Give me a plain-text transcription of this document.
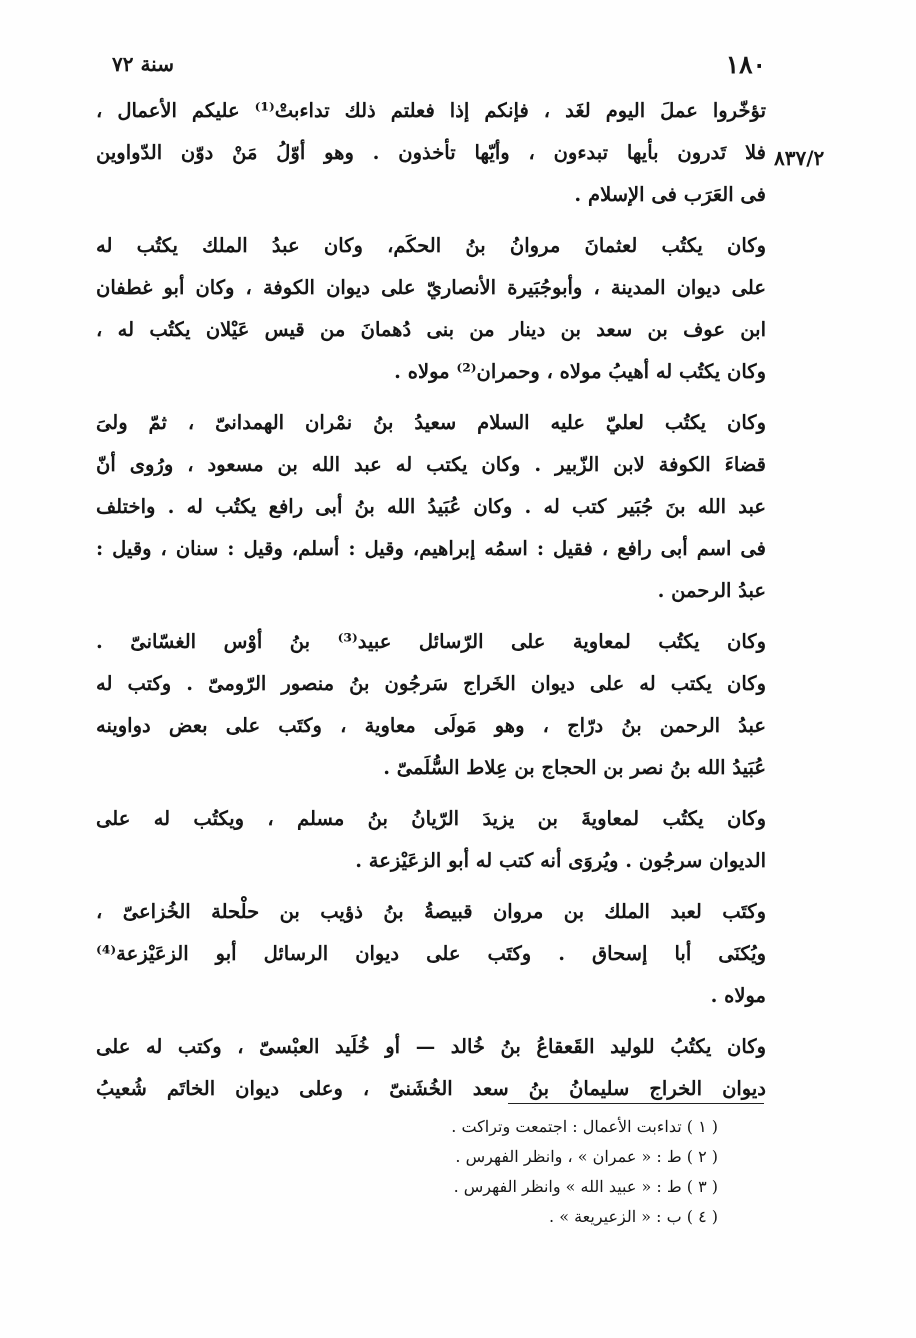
١٨٠
سنة ٧٢
٨٣٧/٢
تؤخّروا عملَ اليوم لغَد ، فإنكم إذا فعلتم ذلك تداءبتْ⁽¹⁾ عليكم الأعمال ،
فلا تَدرون بأيها تبدءون ، وأيّها تأخذون . وهو أوّلُ مَنْ دوّن الدّواوين
فى العَرَب فى الإسلام .
وكان يكتُب لعثمانَ مروانُ بنُ الحكَم، وكان عبدُ الملك يكتُب له
على ديوان المدينة ، وأبوجُبَيرة الأنصاريّ على ديوان الكوفة ، وكان أبو غطفان
ابن عوف بن سعد بن دينار من بنى دُهمانَ من قيس عَيْلان يكتُب له ،
وكان يكتُب له أهيبُ مولاه ، وحمران⁽²⁾ مولاه .
وكان يكتُب لعليّ عليه السلام سعيدُ بنُ نمْران الهمدانىّ ، ثمّ ولىَ
قضاءَ الكوفة لابن الزّبير . وكان يكتب له عبد الله بن مسعود ، ورُوى أنّ
عبد الله بنَ جُبَير كتب له . وكان عُبَيدُ الله بنُ أبى رافع يكتُب له . واختلف
فى اسم أبى رافع ، فقيل : اسمُه إبراهيم، وقيل : أسلم، وقيل : سنان ، وقيل :
عبدُ الرحمن .
وكان يكتُب لمعاوية على الرّسائل عبيد⁽³⁾ بنُ أوْس الغسّانىّ .
وكان يكتب له على ديوان الخَراج سَرجُون بنُ منصور الرّومىّ . وكتب له
عبدُ الرحمن بنُ درّاج ، وهو مَولَى معاوية ، وكتَب على بعض دواوينه
عُبَيدُ الله بنُ نصر بن الحجاج بن عِلاط السُّلَمىّ .
وكان يكتُب لمعاويةَ بن يزيدَ الرّيانُ بنُ مسلم ، ويكتُب له على
الديوان سرجُون . ويُروَى أنه كتب له أبو الزعَيْزعة .
وكتَب لعبد الملك بن مروان قبيصةُ بنُ ذؤيب بن حلْحلة الخُزاعىّ ،
ويُكنَى أبا إسحاق . وكتَب على ديوان الرسائل أبو الزعَيْزعة⁽⁴⁾
مولاه .
وكان يكتُبُ للوليد القَعقاعُ بنُ خُالد — أو خُلَيد العبْسىّ ، وكتب له على
ديوان الخراج سليمانُ بنُ سعد الخُشَنىّ ، وعلى ديوان الخاتَم شُعيبُ
( ١ ) تداءبت الأعمال : اجتمعت وتراكت .
( ٢ ) ط : « عمران » ، وانظر الفهرس .
( ٣ ) ط : « عبيد الله » وانظر الفهرس .
( ٤ ) ب : « الزعيريعة » .
